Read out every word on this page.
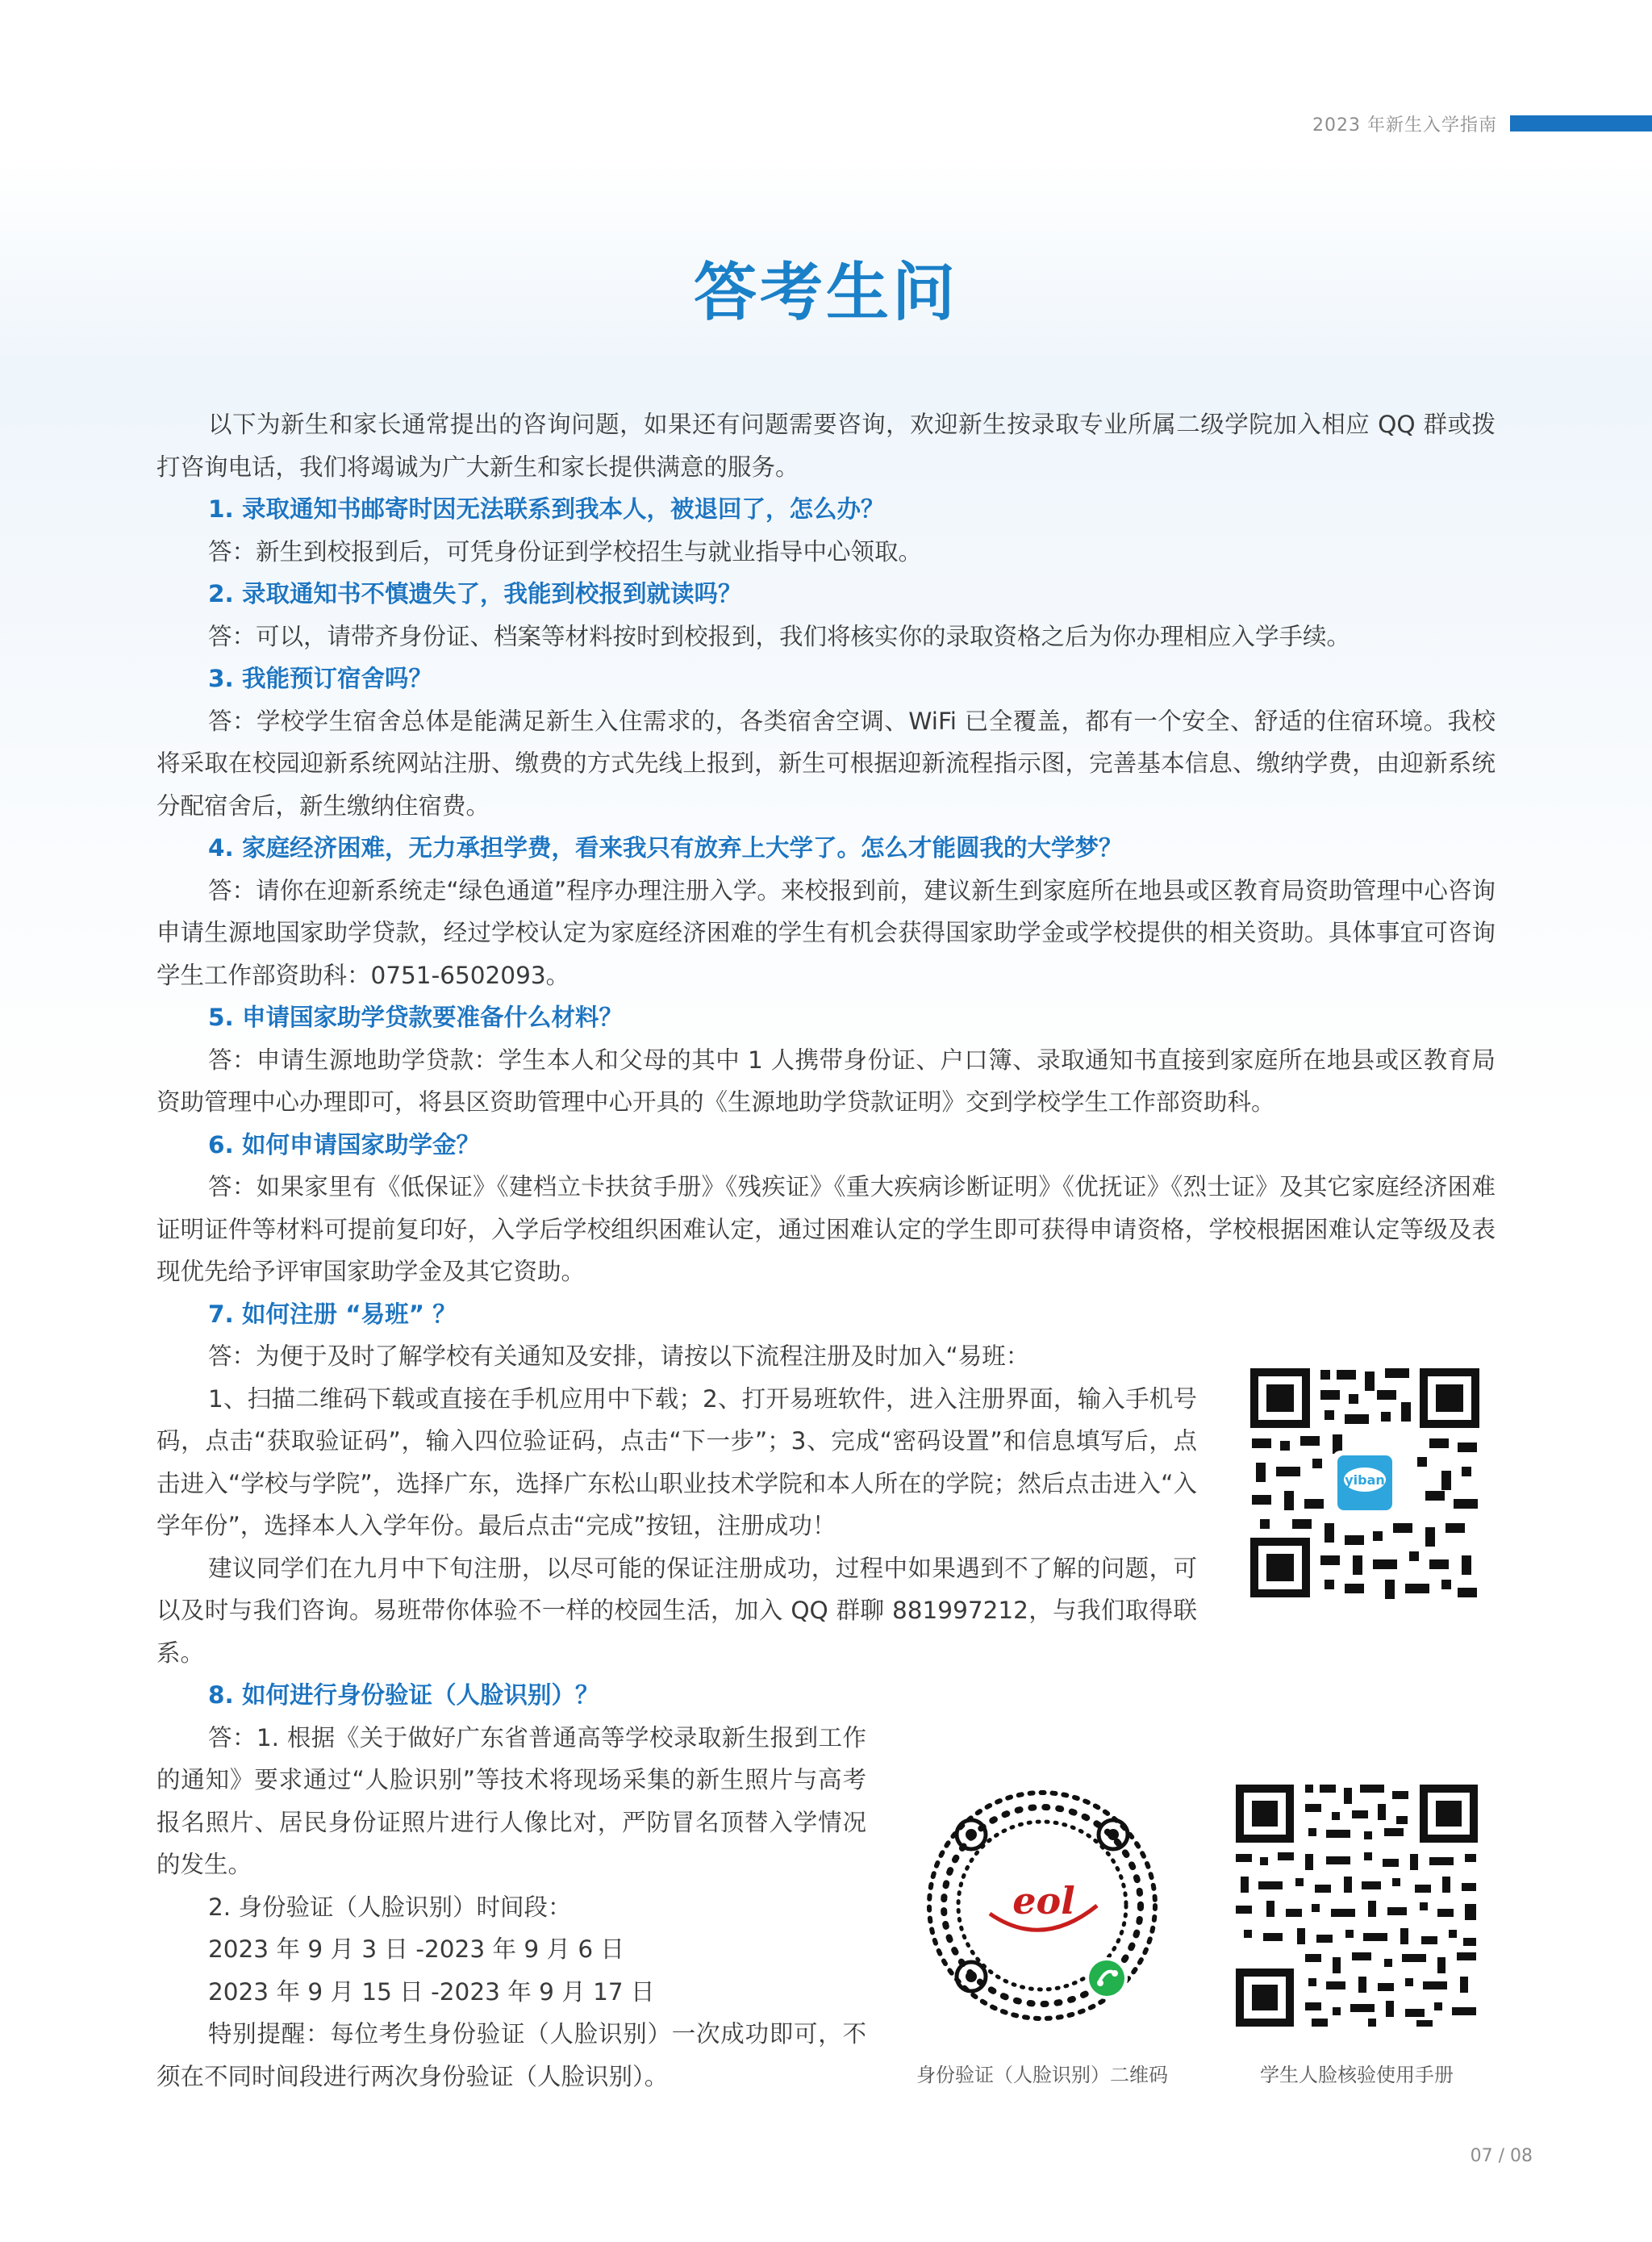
2023 年新生入学指南
答考生问

以下为新生和家长通常提出的咨询问题，如果还有问题需要咨询，欢迎新生按录取专业所属二级学院加入相应 QQ 群或拨打咨询电话，我们将竭诚为广大新生和家长提供满意的服务。

1. 录取通知书邮寄时因无法联系到我本人，被退回了，怎么办？

答：新生到校报到后，可凭身份证到学校招生与就业指导中心领取。

2. 录取通知书不慎遗失了，我能到校报到就读吗？

答：可以，请带齐身份证、档案等材料按时到校报到，我们将核实你的录取资格之后为你办理相应入学手续。

3. 我能预订宿舍吗？

答：学校学生宿舍总体是能满足新生入住需求的，各类宿舍空调、WiFi 已全覆盖，都有一个安全、舒适的住宿环境。我校将采取在校园迎新系统网站注册、缴费的方式先线上报到，新生可根据迎新流程指示图，完善基本信息、缴纳学费，由迎新系统分配宿舍后，新生缴纳住宿费。

4. 家庭经济困难，无力承担学费，看来我只有放弃上大学了。怎么才能圆我的大学梦？

答：请你在迎新系统走“绿色通道”程序办理注册入学。来校报到前，建议新生到家庭所在地县或区教育局资助管理中心咨询申请生源地国家助学贷款，经过学校认定为家庭经济困难的学生有机会获得国家助学金或学校提供的相关资助。具体事宜可咨询学生工作部资助科：0751-6502093。

5. 申请国家助学贷款要准备什么材料？

答：申请生源地助学贷款：学生本人和父母的其中 1 人携带身份证、户口簿、录取通知书直接到家庭所在地县或区教育局资助管理中心办理即可，将县区资助管理中心开具的《生源地助学贷款证明》交到学校学生工作部资助科。

6. 如何申请国家助学金？

答：如果家里有《低保证》《建档立卡扶贫手册》《残疾证》《重大疾病诊断证明》《优抚证》《烈士证》及其它家庭经济困难证明证件等材料可提前复印好，入学后学校组织困难认定，通过困难认定的学生即可获得申请资格，学校根据困难认定等级及表现优先给予评审国家助学金及其它资助。

7. 如何注册 “易班” ？

答：为便于及时了解学校有关通知及安排，请按以下流程注册及时加入“易班：

1、扫描二维码下载或直接在手机应用中下载；2、打开易班软件，进入注册界面，输入手机号码，点击“获取验证码”，输入四位验证码，点击“下一步”；3、完成“密码设置”和信息填写后，点击进入“学校与学院”，选择广东，选择广东松山职业技术学院和本人所在的学院；然后点击进入“入学年份”，选择本人入学年份。最后点击“完成”按钮，注册成功！

建议同学们在九月中下旬注册，以尽可能的保证注册成功，过程中如果遇到不了解的问题，可以及时与我们咨询。易班带你体验不一样的校园生活，加入 QQ 群聊 881997212，与我们取得联系。

8. 如何进行身份验证（人脸识别）？

答：1. 根据《关于做好广东省普通高等学校录取新生报到工作的通知》要求通过“人脸识别”等技术将现场采集的新生照片与高考报名照片、居民身份证照片进行人像比对，严防冒名顶替入学情况的发生。

2. 身份验证（人脸识别）时间段：

2023 年 9 月 3 日 -2023 年 9 月 6 日

2023 年 9 月 15 日 -2023 年 9 月 17 日

特别提醒：每位考生身份验证（人脸识别）一次成功即可，不须在不同时间段进行两次身份验证（人脸识别）。

yiban
eol
身份验证（人脸识别）二维码	学生人脸核验使用手册
07 / 08
